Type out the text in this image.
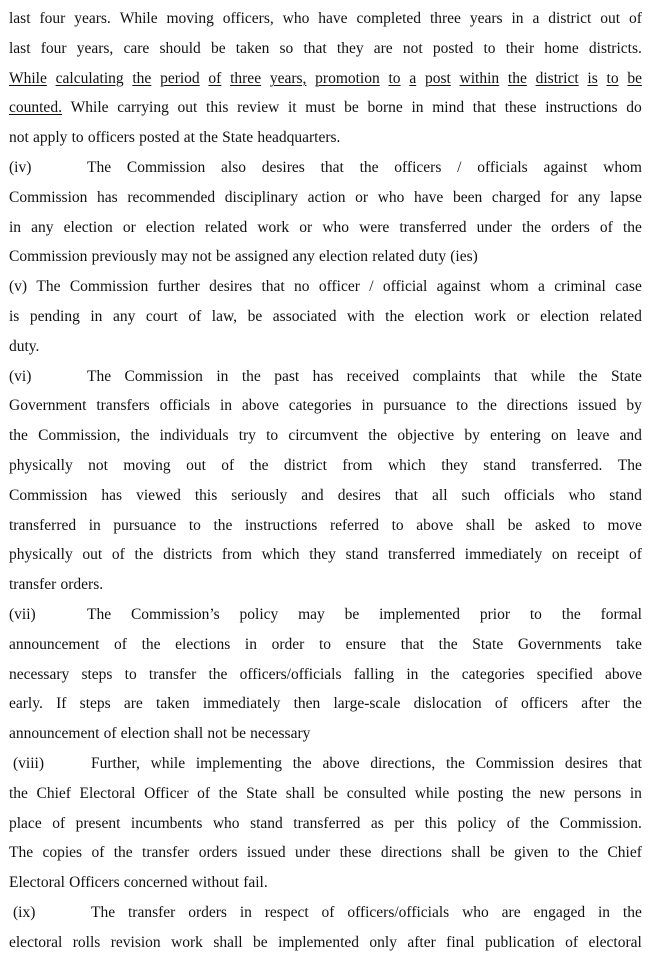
last four years. While moving officers, who have completed three years in a district out of
last four years, care should be taken so that they are not posted to their home districts.
While calculating the period of three years, promotion to a post within the district is to be
counted. While carrying out this review it must be borne in mind that these instructions do
not apply to officers posted at the State headquarters.
(iv)	The Commission also desires that the officers / officials against whom
Commission has recommended disciplinary action or who have been charged for any lapse
in any election or election related work or who were transferred under the orders of the
Commission previously may not be assigned any election related duty (ies)
(v) The Commission further desires that no officer / official against whom a criminal case
is pending in any court of law, be associated with the election work or election related
duty.
(vi)	The Commission in the past has received complaints that while the State
Government transfers officials in above categories in pursuance to the directions issued by
the Commission, the individuals try to circumvent the objective by entering on leave and
physically not moving out of the district from which they stand transferred. The
Commission has viewed this seriously and desires that all such officials who stand
transferred in pursuance to the instructions referred to above shall be asked to move
physically out of the districts from which they stand transferred immediately on receipt of
transfer orders.
(vii)	The Commission’s policy may be implemented prior to the formal
announcement of the elections in order to ensure that the State Governments take
necessary steps to transfer the officers/officials falling in the categories specified above
early. If steps are taken immediately then large-scale dislocation of officers after the
announcement of election shall not be necessary
(viii)	Further, while implementing the above directions, the Commission desires that
the Chief Electoral Officer of the State shall be consulted while posting the new persons in
place of present incumbents who stand transferred as per this policy of the Commission.
The copies of the transfer orders issued under these directions shall be given to the Chief
Electoral Officers concerned without fail.
(ix)	The transfer orders in respect of officers/officials who are engaged in the
electoral rolls revision work shall be implemented only after final publication of electoral
